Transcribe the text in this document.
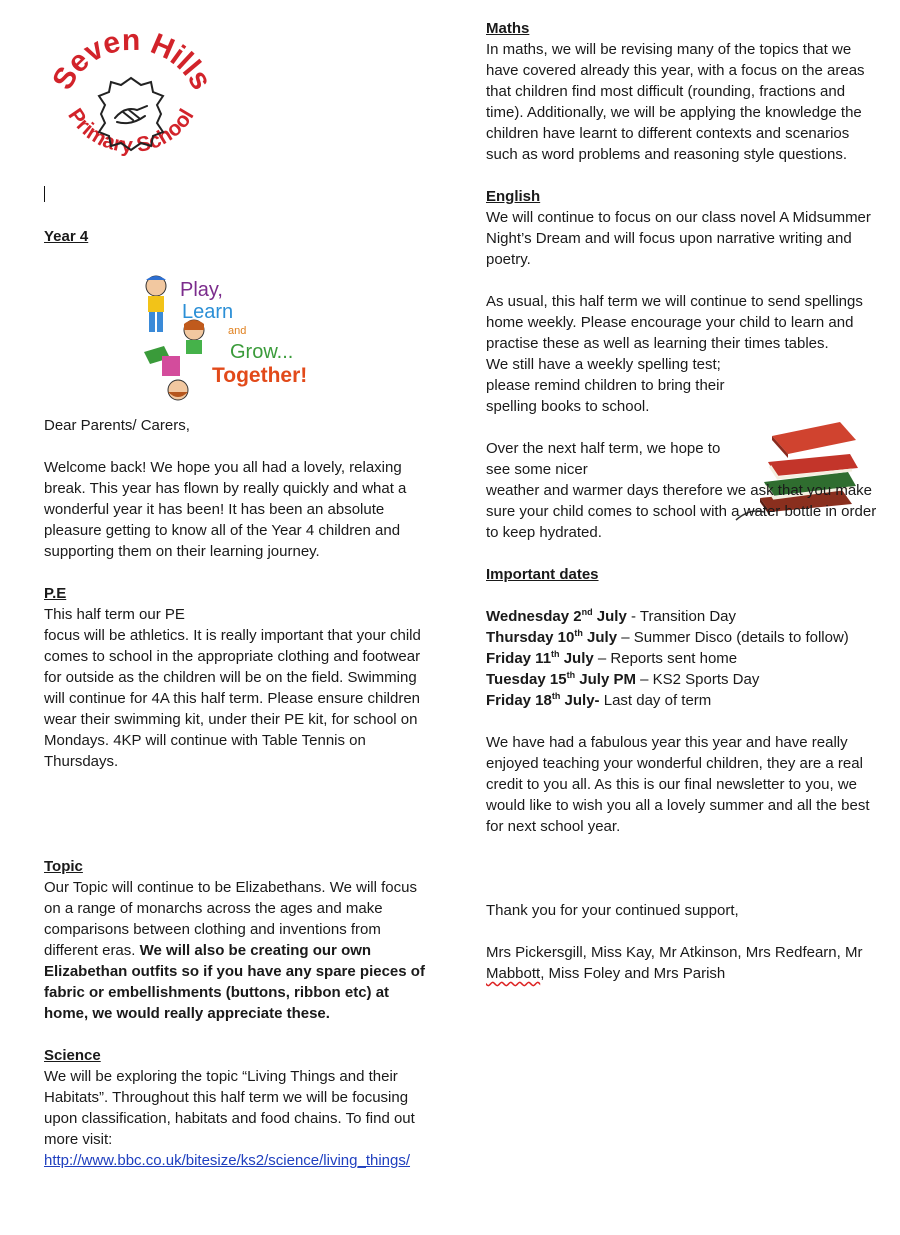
Seven Hills
Primary School
Play,
Learn
and
Grow...
Together!

Year 4

Dear Parents/ Carers,

Welcome back! We hope you all had a lovely, relaxing break. This year has flown by really quickly and what a wonderful year it has been! It has been an absolute pleasure getting to know all of the Year 4 children and supporting them on their learning journey.

P.E

This half term our PE

focus will be athletics. It is really important that your child comes to school in the appropriate clothing and footwear for outside as the children will be on the field. Swimming will continue for 4A this half term. Please ensure children wear their swimming kit, under their PE kit, for school on Mondays. 4KP will continue with Table Tennis on Thursdays.

Topic

Our Topic will continue to be Elizabethans. We will focus on a range of monarchs across the ages and make comparisons between clothing and inventions from different eras. We will also be creating our own Elizabethan outfits so if you have any spare pieces of fabric or embellishments (buttons, ribbon etc) at home, we would really appreciate these.

Science

We will be exploring the topic “Living Things and their Habitats”. Throughout this half term we will be focusing upon classification, habitats and food chains. To find out more visit:

http://www.bbc.co.uk/bitesize/ks2/science/living_things/

Maths

In maths, we will be revising many of the topics that we have covered already this year, with a focus on the areas that children find most difficult (rounding, fractions and time). Additionally, we will be applying the knowledge the children have learnt to different contexts and scenarios such as word problems and reasoning style questions.

English

We will continue to focus on our class novel A Midsummer Night’s Dream and will focus upon narrative writing and poetry.

As usual, this half term we will continue to send spellings home weekly. Please encourage your child to learn and practise these as well as learning their times tables.

We still have a weekly spelling test; please remind children to bring their spelling books to school.

Over the next half term, we hope to see some nicer

weather and warmer days therefore we ask that you make sure your child comes to school with a water bottle in order to keep hydrated.

Important dates

Wednesday 2nd July - Transition Day

Thursday 10th July – Summer Disco (details to follow)

Friday 11th July – Reports sent home

Tuesday 15th July PM – KS2 Sports Day

Friday 18th July- Last day of term

We have had a fabulous year this year and have really enjoyed teaching your wonderful children, they are a real credit to you all. As this is our final newsletter to you, we would like to wish you all a lovely summer and all the best for next school year.

Thank you for your continued support,

Mrs Pickersgill, Miss Kay, Mr Atkinson, Mrs Redfearn, Mr Mabbott, Miss Foley and Mrs Parish
